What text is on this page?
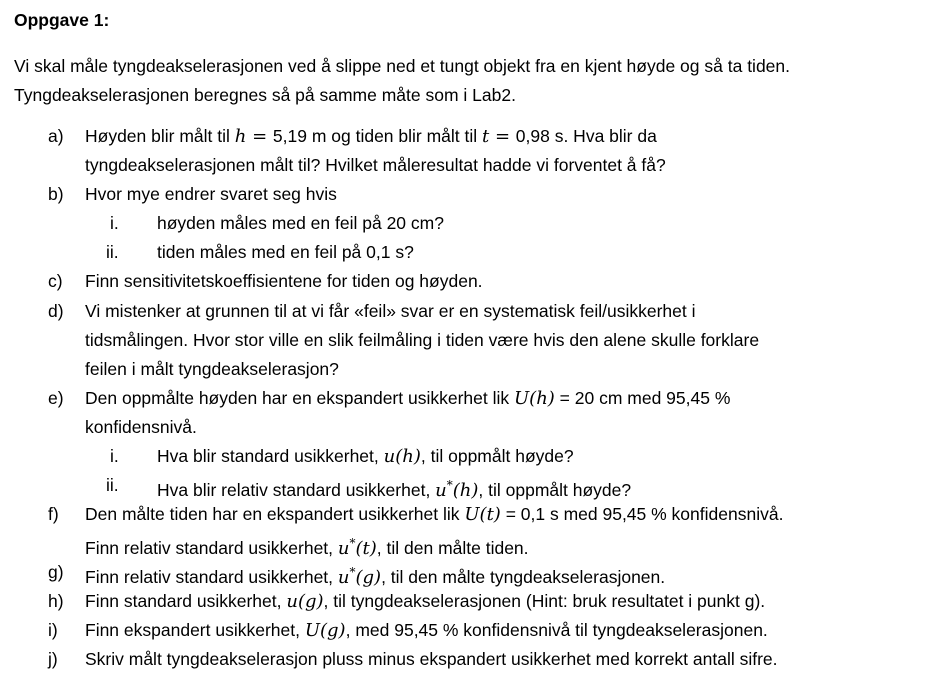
Oppgave 1:
Vi skal måle tyngdeakselerasjonen ved å slippe ned et tungt objekt fra en kjent høyde og så ta tiden.
Tyngdeakselerasjonen beregnes så på samme måte som i Lab2.
a) Høyden blir målt til h = 5,19 m og tiden blir målt til t = 0,98 s. Hva blir da
tyngdeakselerasjonen målt til? Hvilket måleresultat hadde vi forventet å få?
b) Hvor mye endrer svaret seg hvis
i. høyden måles med en feil på 20 cm?
ii. tiden måles med en feil på 0,1 s?
c) Finn sensitivitetskoeffisientene for tiden og høyden.
d) Vi mistenker at grunnen til at vi får «feil» svar er en systematisk feil/usikkerhet i
tidsmålingen. Hvor stor ville en slik feilmåling i tiden være hvis den alene skulle forklare
feilen i målt tyngdeakselerasjon?
e) Den oppmålte høyden har en ekspandert usikkerhet lik U(h) = 20 cm med 95,45 %
konfidensnivå.
i. Hva blir standard usikkerhet, u(h), til oppmålt høyde?
ii. Hva blir relativ standard usikkerhet, u*(h), til oppmålt høyde?
f) Den målte tiden har en ekspandert usikkerhet lik U(t) = 0,1 s med 95,45 % konfidensnivå.
Finn relativ standard usikkerhet, u*(t), til den målte tiden.
g) Finn relativ standard usikkerhet, u*(g), til den målte tyngdeakselerasjonen.
h) Finn standard usikkerhet, u(g), til tyngdeakselerasjonen (Hint: bruk resultatet i punkt g).
i) Finn ekspandert usikkerhet, U(g), med 95,45 % konfidensnivå til tyngdeakselerasjonen.
j) Skriv målt tyngdeakselerasjon pluss minus ekspandert usikkerhet med korrekt antall sifre.
